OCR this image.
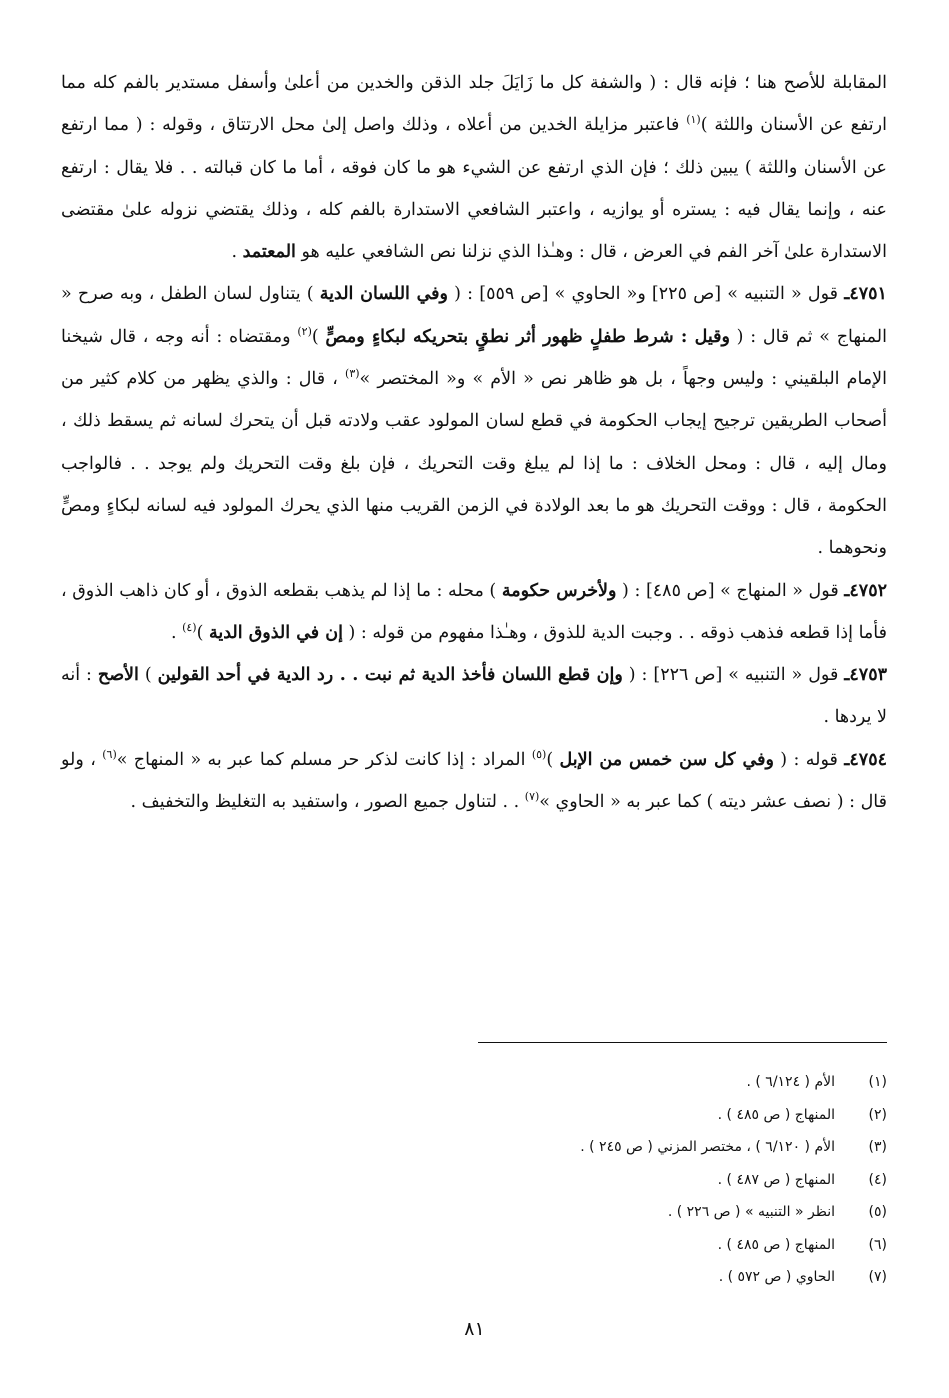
المقابلة للأصح هنا ؛ فإنه قال : ( والشفة كل ما زَايَلَ جلد الذقن والخدين من أعلىٰ وأسفل مستدير بالفم كله مما ارتفع عن الأسنان واللثة )$^{(١)}$ فاعتبر مزايلة الخدين من أعلاه ، وذلك واصل إلىٰ محل الارتتاق ، وقوله : ( مما ارتفع عن الأسنان واللثة ) يبين ذلك ؛ فإن الذي ارتفع عن الشيء هو ما كان فوقه ، أما ما كان قبالته . . فلا يقال : ارتفع عنه ، وإنما يقال فيه : يستره أو يوازيه ، واعتبر الشافعي الاستدارة بالفم كله ، وذلك يقتضي نزوله علىٰ مقتضى الاستدارة علىٰ آخر الفم في العرض ، قال : وهـٰذا الذي نزلنا نص الشافعي عليه هو المعتمد .

٤٧٥١ـ قول « التنبيه » [ص ٢٢٥] و« الحاوي » [ص ٥٥٩] : ( وفي اللسان الدية ) يتناول لسان الطفل ، وبه صرح « المنهاج » ثم قال : ( وقيل : شرط طفلٍ ظهور أثر نطقٍ بتحريكه لبكاءٍ ومصٍّ )$^{(٢)}$ ومقتضاه : أنه وجه ، قال شيخنا الإمام البلقيني : وليس وجهاً ، بل هو ظاهر نص « الأم » و« المختصر »$^{(٣)}$ ، قال : والذي يظهر من كلام كثير من أصحاب الطريقين ترجيح إيجاب الحكومة في قطع لسان المولود عقب ولادته قبل أن يتحرك لسانه ثم يسقط ذلك ، ومال إليه ، قال : ومحل الخلاف : ما إذا لم يبلغ وقت التحريك ، فإن بلغ وقت التحريك ولم يوجد . . فالواجب الحكومة ، قال : ووقت التحريك هو ما بعد الولادة في الزمن القريب منها الذي يحرك المولود فيه لسانه لبكاءٍ ومصٍّ ونحوهما .

٤٧٥٢ـ قول « المنهاج » [ص ٤٨٥] : ( ولأخرس حكومة ) محله : ما إذا لم يذهب بقطعه الذوق ، أو كان ذاهب الذوق ، فأما إذا قطعه فذهب ذوقه . . وجبت الدية للذوق ، وهـٰذا مفهوم من قوله : ( إن في الذوق الدية )$^{(٤)}$ .

٤٧٥٣ـ قول « التنبيه » [ص ٢٢٦] : ( وإن قطع اللسان فأخذ الدية ثم نبت . . رد الدية في أحد القولين ) الأصح : أنه لا يردها .

٤٧٥٤ـ قوله : ( وفي كل سن خمس من الإبل )$^{(٥)}$ المراد : إذا كانت لذكر حر مسلم كما عبر به « المنهاج »$^{(٦)}$ ، ولو قال : ( نصف عشر ديته ) كما عبر به « الحاوي »$^{(٧)}$ . . لتناول جميع الصور ، واستفيد به التغليظ والتخفيف .

(١)
الأم ( ٦/١٢٤ ) .
(٢)
المنهاج ( ص ٤٨٥ ) .
(٣)
الأم ( ٦/١٢٠ ) ، مختصر المزني ( ص ٢٤٥ ) .
(٤)
المنهاج ( ص ٤٨٧ ) .
(٥)
انظر « التنبيه » ( ص ٢٢٦ ) .
(٦)
المنهاج ( ص ٤٨٥ ) .
(٧)
الحاوي ( ص ٥٧٢ ) .
٨١
